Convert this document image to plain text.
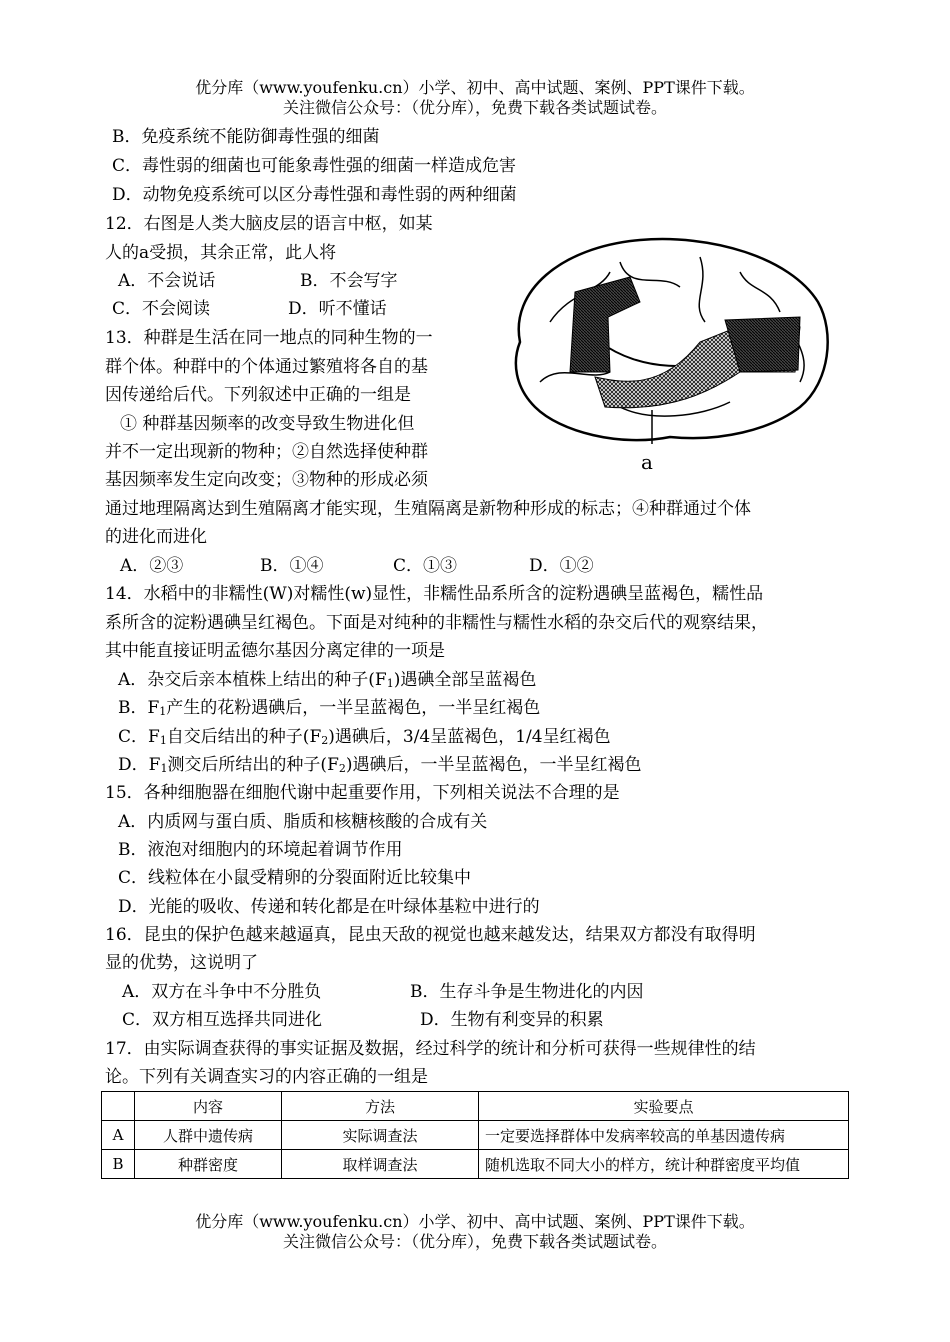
优分库（www.youfenku.cn）小学、初中、高中试题、案例、PPT课件下载。
关注微信公众号：（优分库），免费下载各类试题试卷。
B．免疫系统不能防御毒性强的细菌
C．毒性弱的细菌也可能象毒性强的细菌一样造成危害
D．动物免疫系统可以区分毒性强和毒性弱的两种细菌
12．右图是人类大脑皮层的语言中枢，如某
人的a受损，其余正常，此人将
A．不会说话	B．不会写字
C．不会阅读	D．听不懂话
a
13．种群是生活在同一地点的同种生物的一
群个体。种群中的个体通过繁殖将各自的基
因传递给后代。下列叙述中正确的一组是
① 种群基因频率的改变导致生物进化但
并不一定出现新的物种；②自然选择使种群
基因频率发生定向改变；③物种的形成必须
通过地理隔离达到生殖隔离才能实现，生殖隔离是新物种形成的标志；④种群通过个体
的进化而进化
A．②③	B．①④	C．①③	D．①②
14．水稻中的非糯性(W)对糯性(w)显性，非糯性品系所含的淀粉遇碘呈蓝褐色，糯性品
系所含的淀粉遇碘呈红褐色。下面是对纯种的非糯性与糯性水稻的杂交后代的观察结果，
其中能直接证明孟德尔基因分离定律的一项是
A．杂交后亲本植株上结出的种子$(F_1)$遇碘全部呈蓝褐色
B．$F_1$产生的花粉遇碘后，一半呈蓝褐色，一半呈红褐色
C．$F_1$自交后结出的种子$(F_2)$遇碘后，3/4呈蓝褐色，1/4呈红褐色
D．$F_1$测交后所结出的种子$(F_2)$遇碘后，一半呈蓝褐色，一半呈红褐色
15．各种细胞器在细胞代谢中起重要作用，下列相关说法不合理的是
A．内质网与蛋白质、脂质和核糖核酸的合成有关
B．液泡对细胞内的环境起着调节作用
C．线粒体在小鼠受精卵的分裂面附近比较集中
D．光能的吸收、传递和转化都是在叶绿体基粒中进行的
16．昆虫的保护色越来越逼真，昆虫天敌的视觉也越来越发达，结果双方都没有取得明
显的优势，这说明了
A．双方在斗争中不分胜负	B．生存斗争是生物进化的内因
C．双方相互选择共同进化	D．生物有利变异的积累
17．由实际调查获得的事实证据及数据，经过科学的统计和分析可获得一些规律性的结
论。下列有关调查实习的内容正确的一组是
	内容	方法	实验要点
A	人群中遗传病	实际调查法	一定要选择群体中发病率较高的单基因遗传病
B	种群密度	取样调查法	随机选取不同大小的样方，统计种群密度平均值
优分库（www.youfenku.cn）小学、初中、高中试题、案例、PPT课件下载。
关注微信公众号：（优分库），免费下载各类试题试卷。
